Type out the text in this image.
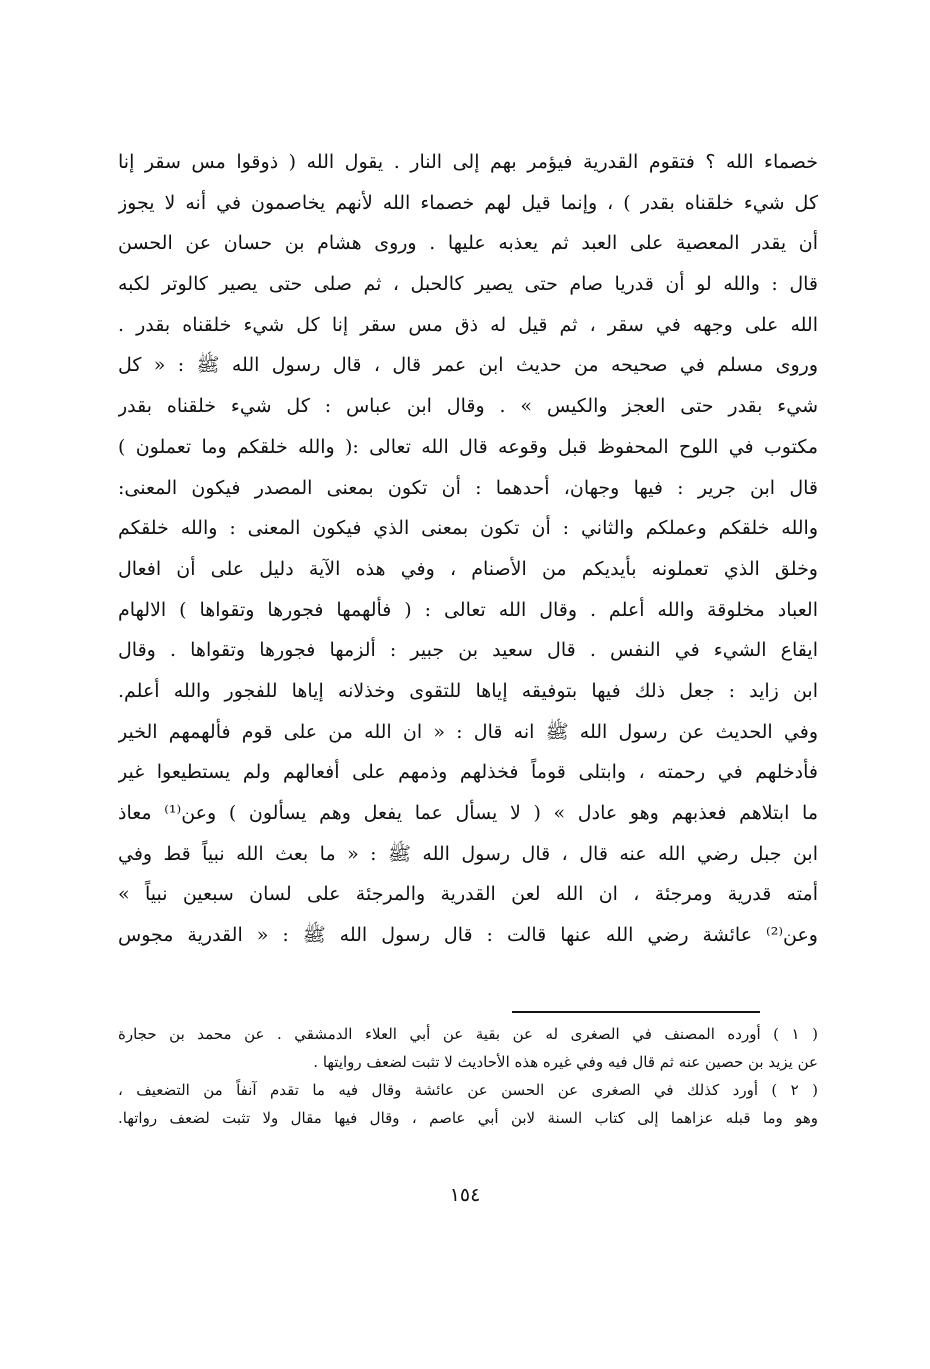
خصماء الله ؟ فتقوم القدرية فيؤمر بهم إلى النار . يقول الله ( ذوقوا مس سقر إنا
كل شيء خلقناه بقدر ) ، وإنما قيل لهم خصماء الله لأنهم يخاصمون في أنه لا يجوز
أن يقدر المعصية على العبد ثم يعذبه عليها . وروى هشام بن حسان عن الحسن
قال : والله لو أن قدريا صام حتى يصير كالحبل ، ثم صلى حتى يصير كالوتر لكبه
الله على وجهه في سقر ، ثم قيل له ذق مس سقر إنا كل شيء خلقناه بقدر .
وروى مسلم في صحيحه من حديث ابن عمر قال ، قال رسول الله ﷺ : « كل
شيء بقدر حتى العجز والكيس » . وقال ابن عباس : كل شيء خلقناه بقدر
مكتوب في اللوح المحفوظ قبل وقوعه قال الله تعالى :( والله خلقكم وما تعملون )
قال ابن جرير : فيها وجهان، أحدهما : أن تكون بمعنى المصدر فيكون المعنى:
والله خلقكم وعملكم والثاني : أن تكون بمعنى الذي فيكون المعنى : والله خلقكم
وخلق الذي تعملونه بأيديكم من الأصنام ، وفي هذه الآية دليل على أن افعال
العباد مخلوقة والله أعلم . وقال الله تعالى : ( فألهمها فجورها وتقواها ) الالهام
ايقاع الشيء في النفس . قال سعيد بن جبير : ألزمها فجورها وتقواها . وقال
ابن زايد : جعل ذلك فيها بتوفيقه إياها للتقوى وخذلانه إياها للفجور والله أعلم.
وفي الحديث عن رسول الله ﷺ انه قال : « ان الله من على قوم فألهمهم الخير
فأدخلهم في رحمته ، وابتلى قوماً فخذلهم وذمهم على أفعالهم ولم يستطيعوا غير
ما ابتلاهم فعذبهم وهو عادل » ( لا يسأل عما يفعل وهم يسألون ) وعن⁽¹⁾ معاذ
ابن جبل رضي الله عنه قال ، قال رسول الله ﷺ : « ما بعث الله نبياً قط وفي
أمته قدرية ومرجئة ، ان الله لعن القدرية والمرجئة على لسان سبعين نبياً »
وعن⁽²⁾ عائشة رضي الله عنها قالت : قال رسول الله ﷺ : « القدرية مجوس
( ١ ) أورده المصنف في الصغرى له عن بقية عن أبي العلاء الدمشقي . عن محمد بن حجارة
عن يزيد بن حصين عنه ثم قال فيه وفي غيره هذه الأحاديث لا تثبت لضعف روايتها .
( ٢ ) أورد كذلك في الصغرى عن الحسن عن عائشة وقال فيه ما تقدم آنفاً من التضعيف ،
وهو وما قبله عزاهما إلى كتاب السنة لابن أبي عاصم ، وقال فيها مقال ولا تثبت لضعف رواتها.
١٥٤
